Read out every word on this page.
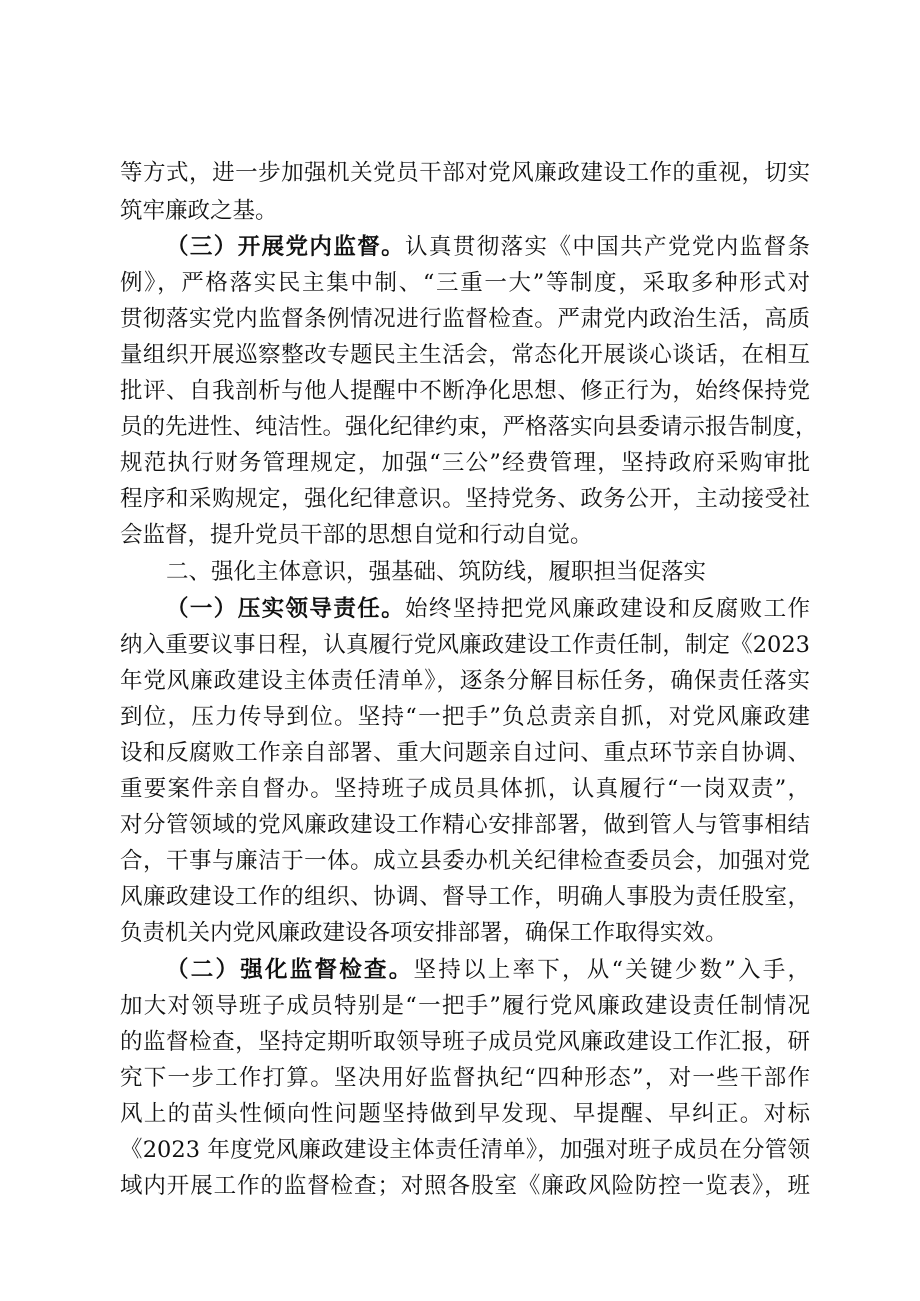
等方式，进一步加强机关党员干部对党风廉政建设工作的重视，切实
筑牢廉政之基。
（三）开展党内监督。认真贯彻落实《中国共产党党内监督条
例》，严格落实民主集中制、“三重一大”等制度，采取多种形式对
贯彻落实党内监督条例情况进行监督检查。严肃党内政治生活，高质
量组织开展巡察整改专题民主生活会，常态化开展谈心谈话，在相互
批评、自我剖析与他人提醒中不断净化思想、修正行为，始终保持党
员的先进性、纯洁性。强化纪律约束，严格落实向县委请示报告制度，
规范执行财务管理规定，加强“三公”经费管理，坚持政府采购审批
程序和采购规定，强化纪律意识。坚持党务、政务公开，主动接受社
会监督，提升党员干部的思想自觉和行动自觉。
二、强化主体意识，强基础、筑防线，履职担当促落实
（一）压实领导责任。始终坚持把党风廉政建设和反腐败工作
纳入重要议事日程，认真履行党风廉政建设工作责任制，制定《2023
年党风廉政建设主体责任清单》，逐条分解目标任务，确保责任落实
到位，压力传导到位。坚持“一把手”负总责亲自抓，对党风廉政建
设和反腐败工作亲自部署、重大问题亲自过问、重点环节亲自协调、
重要案件亲自督办。坚持班子成员具体抓，认真履行“一岗双责”，
对分管领域的党风廉政建设工作精心安排部署，做到管人与管事相结
合，干事与廉洁于一体。成立县委办机关纪律检查委员会，加强对党
风廉政建设工作的组织、协调、督导工作，明确人事股为责任股室，
负责机关内党风廉政建设各项安排部署，确保工作取得实效。
（二）强化监督检查。坚持以上率下，从“关键少数”入手，
加大对领导班子成员特别是“一把手”履行党风廉政建设责任制情况
的监督检查，坚持定期听取领导班子成员党风廉政建设工作汇报，研
究下一步工作打算。坚决用好监督执纪“四种形态”，对一些干部作
风上的苗头性倾向性问题坚持做到早发现、早提醒、早纠正。对标
《2023 年度党风廉政建设主体责任清单》，加强对班子成员在分管领
域内开展工作的监督检查；对照各股室《廉政风险防控一览表》，班
